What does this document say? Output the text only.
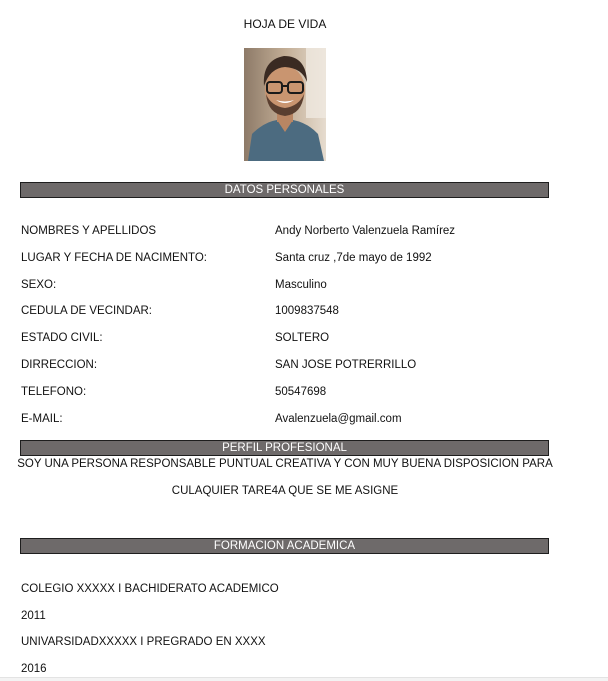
HOJA DE VIDA
DATOS PERSONALES
NOMBRES Y APELLIDOS	Andy Norberto Valenzuela Ramírez
LUGAR Y FECHA DE NACIMENTO:	Santa cruz ,7de mayo de 1992
SEXO:	Masculino
CEDULA DE VECINDAR:	1009837548
ESTADO CIVIL:	SOLTERO
DIRRECCION:	SAN JOSE POTRERRILLO
TELEFONO:	50547698
E-MAIL:	Avalenzuela@gmail.com
PERFIL PROFESIONAL
SOY UNA PERSONA RESPONSABLE PUNTUAL CREATIVA Y CON MUY BUENA DISPOSICION PARA
CULAQUIER TARE4A QUE SE ME ASIGNE
FORMACION ACADEMICA
COLEGIO XXXXX I BACHIDERATO ACADEMICO
2011
UNIVARSIDADXXXXX I PREGRADO EN XXXX
2016
